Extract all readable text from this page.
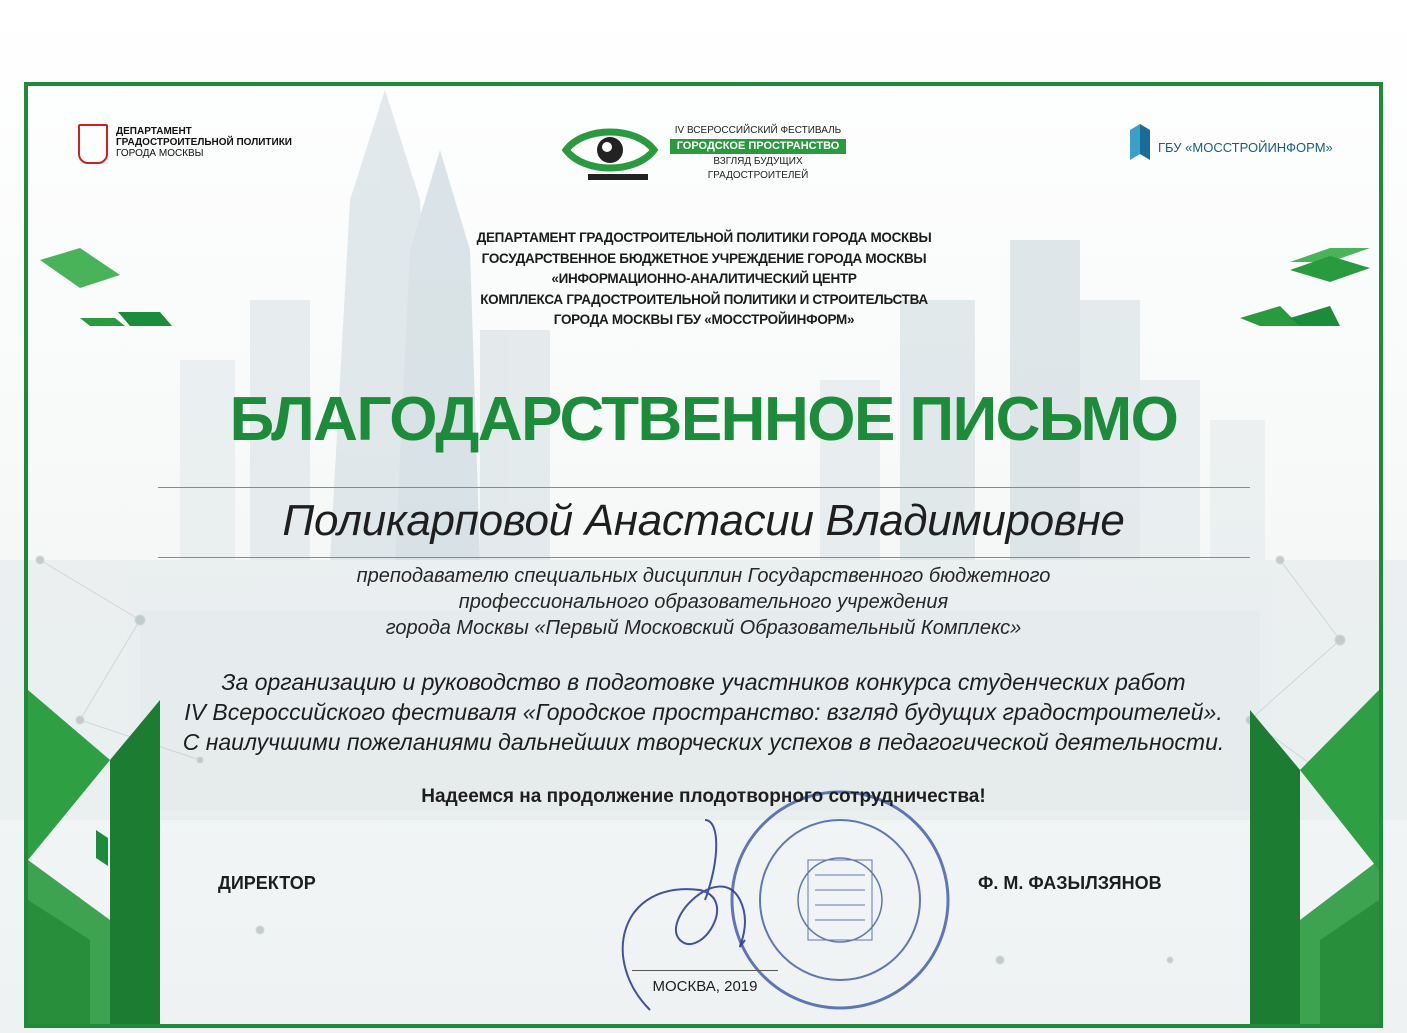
ДЕПАРТАМЕНТ
ГРАДОСТРОИТЕЛЬНОЙ ПОЛИТИКИ
ГОРОДА МОСКВЫ
IV ВСЕРОССИЙСКИЙ ФЕСТИВАЛЬ
ГОРОДСКОЕ ПРОСТРАНСТВО
ВЗГЛЯД БУДУЩИХ ГРАДОСТРОИТЕЛЕЙ
ГБУ «МОССТРОЙИНФОРМ»
ДЕПАРТАМЕНТ ГРАДОСТРОИТЕЛЬНОЙ ПОЛИТИКИ ГОРОДА МОСКВЫ
ГОСУДАРСТВЕННОЕ БЮДЖЕТНОЕ УЧРЕЖДЕНИЕ ГОРОДА МОСКВЫ
«ИНФОРМАЦИОННО-АНАЛИТИЧЕСКИЙ ЦЕНТР
КОМПЛЕКСА ГРАДОСТРОИТЕЛЬНОЙ ПОЛИТИКИ И СТРОИТЕЛЬСТВА
ГОРОДА МОСКВЫ ГБУ «МОССТРОЙИНФОРМ»
БЛАГОДАРСТВЕННОЕ ПИСЬМО
Поликарповой Анастасии Владимировне
преподавателю специальных дисциплин Государственного бюджетного
профессионального образовательного учреждения
города Москвы «Первый Московский Образовательный Комплекс»
За организацию и руководство в подготовке участников конкурса студенческих работ
IV Всероссийского фестиваля «Городское пространство: взгляд будущих градостроителей».
С наилучшими пожеланиями дальнейших творческих успехов в педагогической деятельности.
Надеемся на продолжение плодотворного сотрудничества!
ДИРЕКТОР	Ф. М. ФАЗЫЛЗЯНОВ
МОСКВА, 2019
